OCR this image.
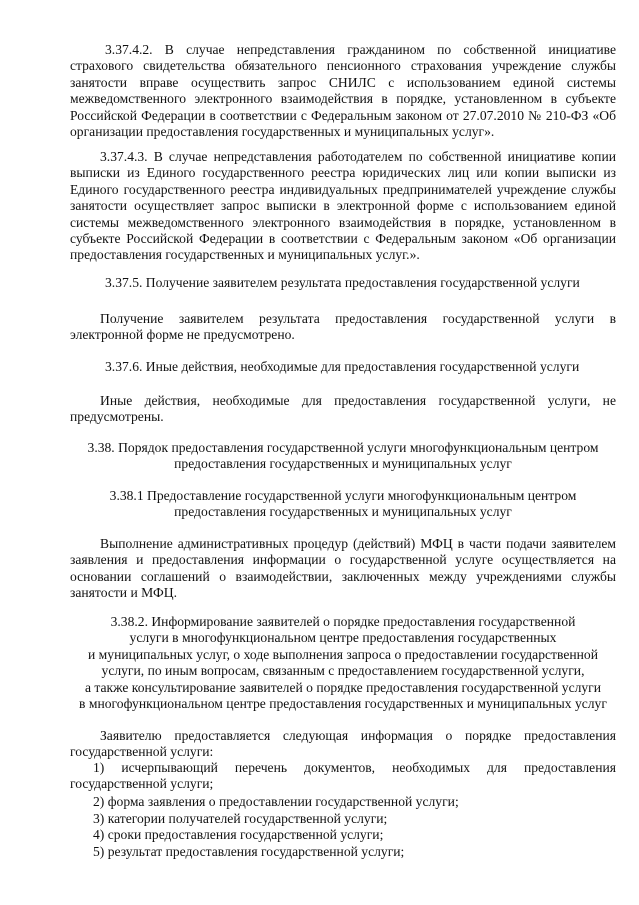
3.37.4.2. В случае непредставления гражданином по собственной инициативе страхового свидетельства обязательного пенсионного страхования учреждение службы занятости вправе осуществить запрос СНИЛС с использованием единой системы межведомственного электронного взаимодействия в порядке, установленном в субъекте Российской Федерации в соответствии с Федеральным законом от 27.07.2010 № 210-ФЗ «Об организации предоставления государственных и муниципальных услуг».

3.37.4.3. В случае непредставления работодателем по собственной инициативе копии выписки из Единого государственного реестра юридических лиц или копии выписки из Единого государственного реестра индивидуальных предпринимателей учреждение службы занятости осуществляет запрос выписки в электронной форме с использованием единой системы межведомственного электронного взаимодействия в порядке, установленном в субъекте Российской Федерации в соответствии с Федеральным законом «Об организации предоставления государственных и муниципальных услуг.».

3.37.5. Получение заявителем результата предоставления государственной услуги

Получение заявителем результата предоставления государственной услуги в электронной форме не предусмотрено.

3.37.6. Иные действия, необходимые для предоставления государственной услуги

Иные действия, необходимые для предоставления государственной услуги, не предусмотрены.

3.38. Порядок предоставления государственной услуги многофункциональным центром
предоставления государственных и муниципальных услуг
3.38.1 Предоставление государственной услуги многофункциональным центром
предоставления государственных и муниципальных услуг

Выполнение административных процедур (действий) МФЦ в части подачи заявителем заявления и предоставления информации о государственной услуге осуществляется на основании соглашений о взаимодействии, заключенных между учреждениями службы занятости и МФЦ.

3.38.2. Информирование заявителей о порядке предоставления государственной
услуги в многофункциональном центре предоставления государственных
и муниципальных услуг, о ходе выполнения запроса о предоставлении государственной
услуги, по иным вопросам, связанным с предоставлением государственной услуги,
а также консультирование заявителей о порядке предоставления государственной услуги
в многофункциональном центре предоставления государственных и муниципальных услуг

Заявителю предоставляется следующая информация о порядке предоставления государственной услуги:

1) исчерпывающий перечень документов, необходимых для предоставления государственной услуги;

2) форма заявления о предоставлении государственной услуги;

3) категории получателей государственной услуги;

4) сроки предоставления государственной услуги;

5) результат предоставления государственной услуги;
